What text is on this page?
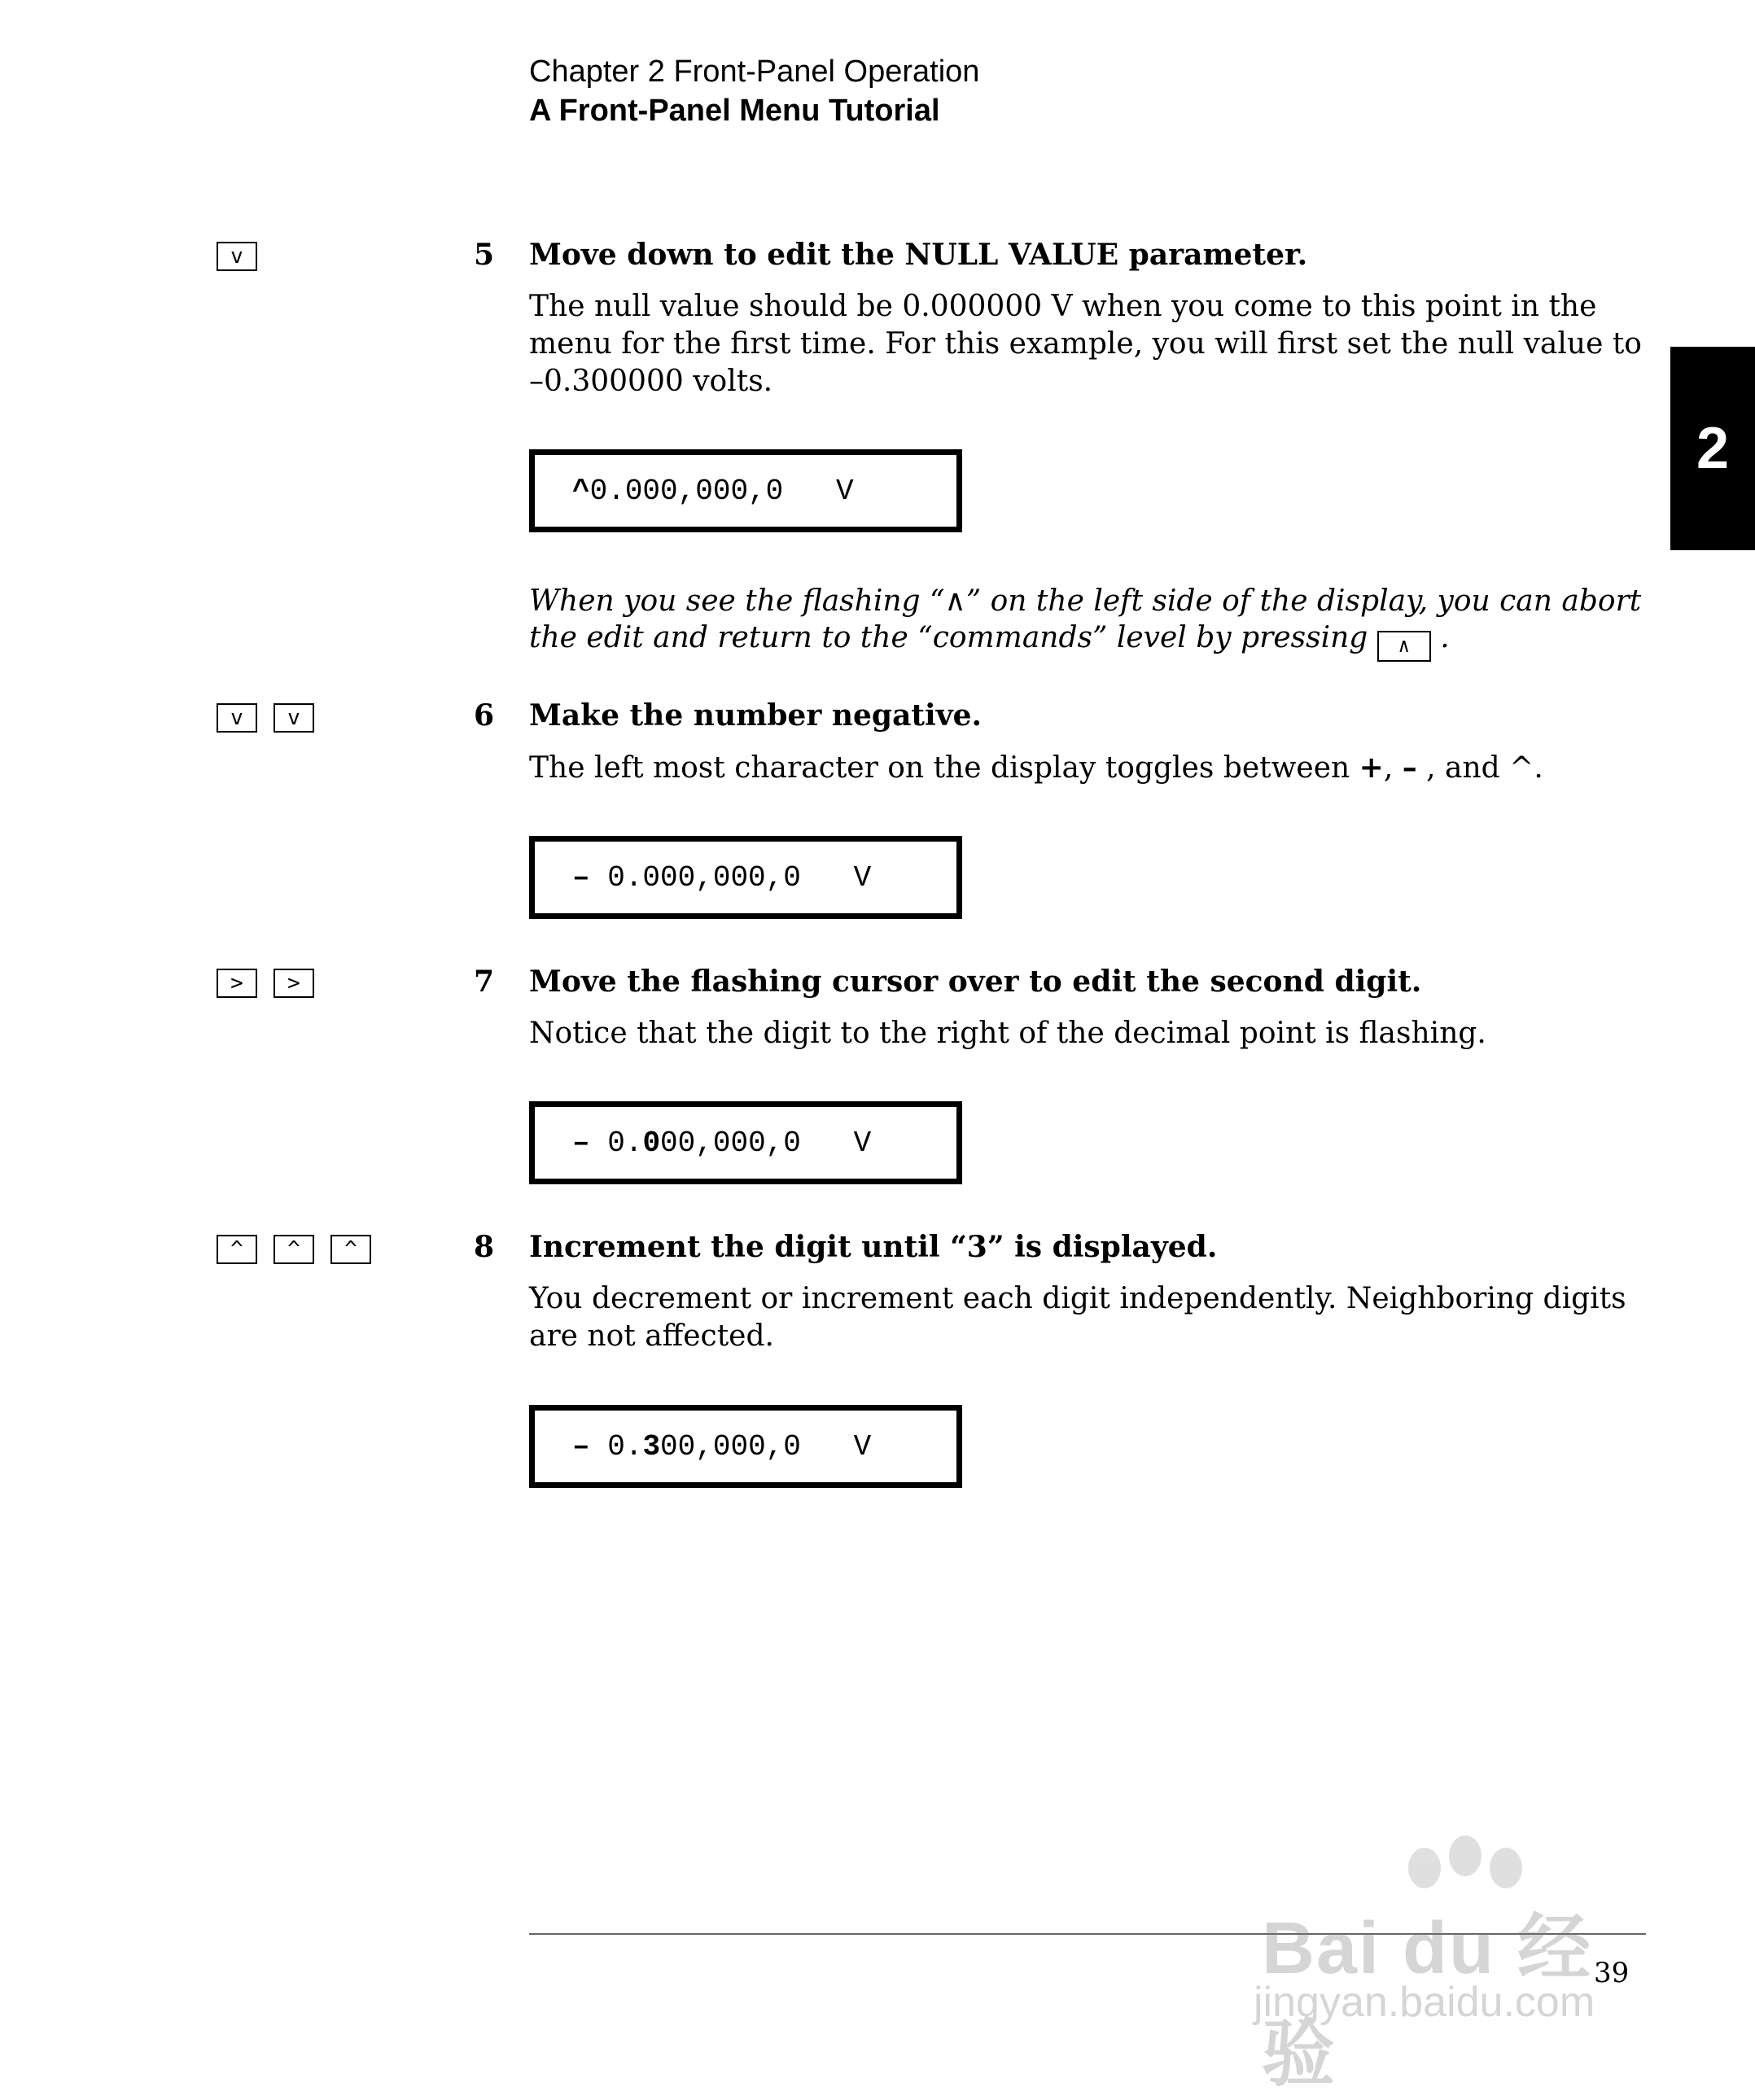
Chapter 2 Front-Panel Operation
A Front-Panel Menu Tutorial
2
v	5 Move down to edit the NULL VALUE parameter.
The null value should be 0.000000 V when you come to this point in the menu for the first time. For this example, you will first set the null value to –0.300000 volts.
^ 0.000,000,0   V
When you see the flashing “∧” on the left side of the display, you can abort the edit and return to the “commands” level by pressing ∧ .
v	v	6 Make the number negative.
The left most character on the display toggles between +, – , and ^.
– 0.000,000,0   V
>	>	7 Move the flashing cursor over to edit the second digit.
Notice that the digit to the right of the decimal point is flashing.
– 0. 0 00,000,0   V
^	^	^	8 Increment the digit until “3” is displayed.
You decrement or increment each digit independently. Neighboring digits are not affected.
– 0. 3 00,000,0   V
39
Bai du 经验
jingyan.baidu.com
